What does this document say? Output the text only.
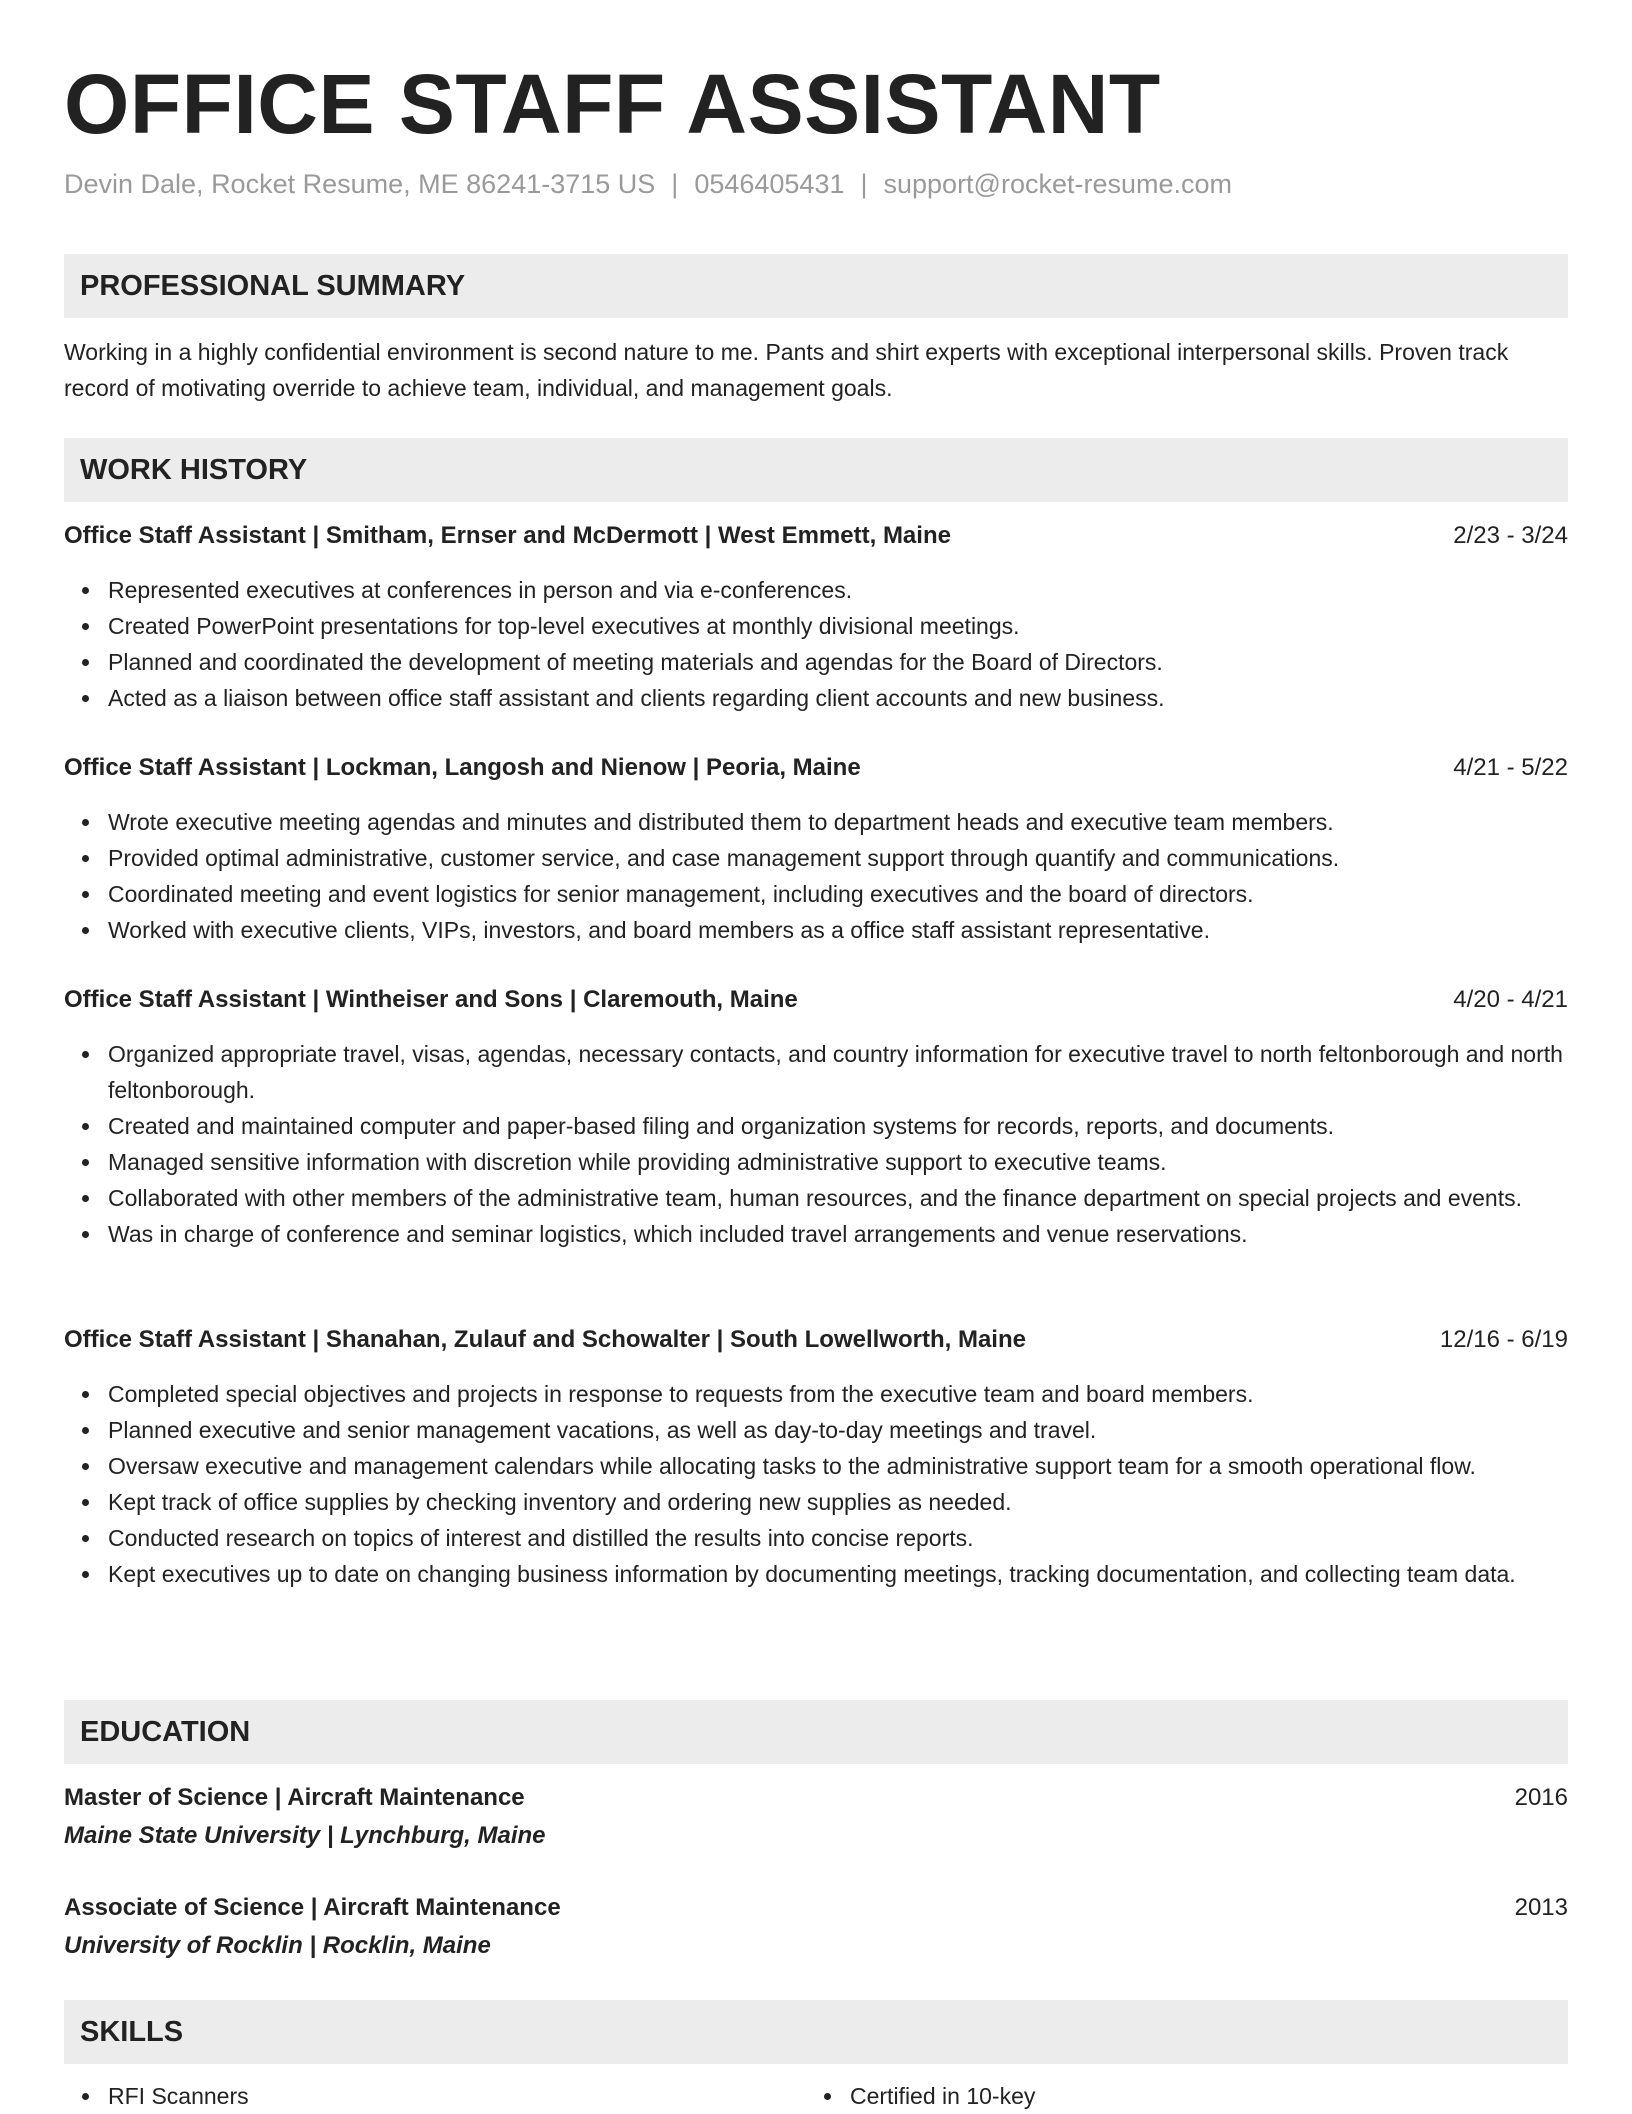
OFFICE STAFF ASSISTANT
Devin Dale, Rocket Resume, ME 86241-3715 US | 0546405431 | support@rocket-resume.com
PROFESSIONAL SUMMARY
Working in a highly confidential environment is second nature to me. Pants and shirt experts with exceptional interpersonal skills. Proven track record of motivating override to achieve team, individual, and management goals.
WORK HISTORY
Office Staff Assistant | Smitham, Ernser and McDermott | West Emmett, Maine	2/23 - 3/24
Represented executives at conferences in person and via e-conferences.
Created PowerPoint presentations for top-level executives at monthly divisional meetings.
Planned and coordinated the development of meeting materials and agendas for the Board of Directors.
Acted as a liaison between office staff assistant and clients regarding client accounts and new business.
Office Staff Assistant | Lockman, Langosh and Nienow | Peoria, Maine	4/21 - 5/22
Wrote executive meeting agendas and minutes and distributed them to department heads and executive team members.
Provided optimal administrative, customer service, and case management support through quantify and communications.
Coordinated meeting and event logistics for senior management, including executives and the board of directors.
Worked with executive clients, VIPs, investors, and board members as a office staff assistant representative.
Office Staff Assistant | Wintheiser and Sons | Claremouth, Maine	4/20 - 4/21
Organized appropriate travel, visas, agendas, necessary contacts, and country information for executive travel to north feltonborough and north feltonborough.
Created and maintained computer and paper-based filing and organization systems for records, reports, and documents.
Managed sensitive information with discretion while providing administrative support to executive teams.
Collaborated with other members of the administrative team, human resources, and the finance department on special projects and events.
Was in charge of conference and seminar logistics, which included travel arrangements and venue reservations.
Office Staff Assistant | Shanahan, Zulauf and Schowalter | South Lowellworth, Maine	12/16 - 6/19
Completed special objectives and projects in response to requests from the executive team and board members.
Planned executive and senior management vacations, as well as day-to-day meetings and travel.
Oversaw executive and management calendars while allocating tasks to the administrative support team for a smooth operational flow.
Kept track of office supplies by checking inventory and ordering new supplies as needed.
Conducted research on topics of interest and distilled the results into concise reports.
Kept executives up to date on changing business information by documenting meetings, tracking documentation, and collecting team data.
EDUCATION
Master of Science | Aircraft Maintenance	2016
Maine State University | Lynchburg, Maine
Associate of Science | Aircraft Maintenance	2013
University of Rocklin | Rocklin, Maine
SKILLS
RFI Scanners	Certified in 10-key
